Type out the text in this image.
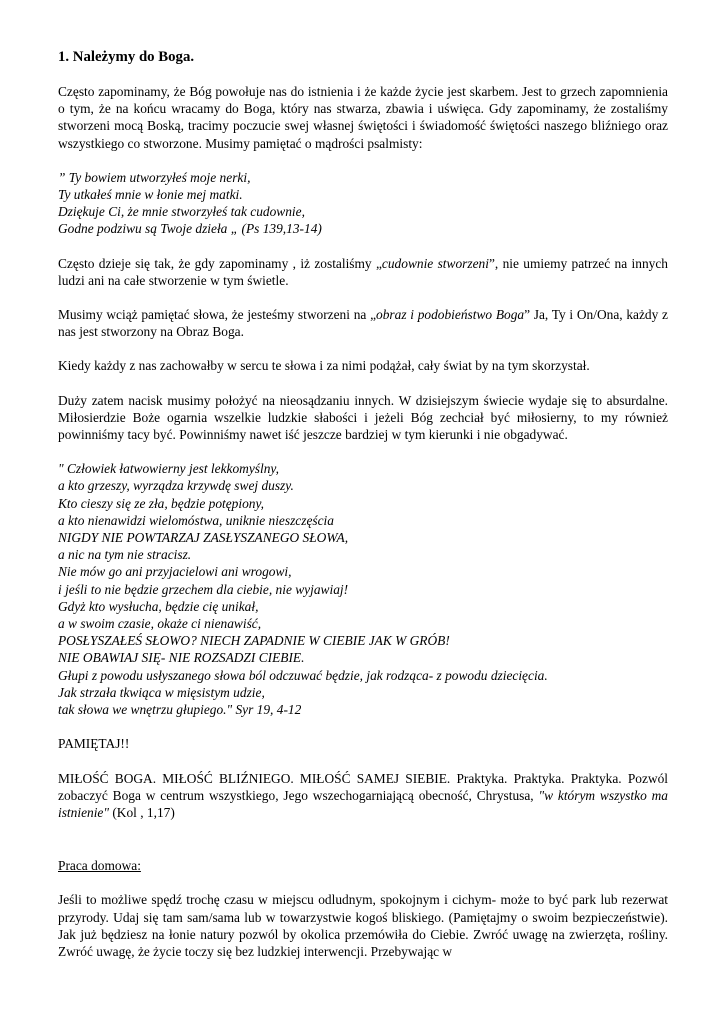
1. Należymy do Boga.

Często zapominamy, że Bóg powołuje nas do istnienia i że każde życie jest skarbem. Jest to grzech zapomnienia o tym, że na końcu wracamy do Boga, który nas stwarza, zbawia i uświęca. Gdy zapominamy, że zostaliśmy stworzeni mocą Boską, tracimy poczucie swej własnej świętości i świadomość świętości naszego bliźniego oraz wszystkiego co stworzone. Musimy pamiętać o mądrości psalmisty:

” Ty bowiem utworzyłeś moje nerki,
Ty utkałeś mnie w łonie mej matki.
Dziękuje Ci, że mnie stworzyłeś tak cudownie,
Godne podziwu są Twoje dzieła „ (Ps 139,13-14)

Często dzieje się tak, że gdy zapominamy , iż zostaliśmy „cudownie stworzeni”, nie umiemy patrzeć na innych ludzi ani na całe stworzenie w tym świetle.

Musimy wciąż pamiętać słowa, że jesteśmy stworzeni na „obraz i podobieństwo Boga” Ja, Ty i On/Ona, każdy z nas jest stworzony na Obraz Boga.

Kiedy każdy z nas zachowałby w sercu te słowa i za nimi podążał, cały świat by na tym skorzystał.

Duży zatem nacisk musimy położyć na nieosądzaniu innych. W dzisiejszym świecie wydaje się to absurdalne. Miłosierdzie Boże ogarnia wszelkie ludzkie słabości i jeżeli Bóg zechciał być miłosierny, to my również powinniśmy tacy być. Powinniśmy nawet iść jeszcze bardziej w tym kierunki i nie obgadywać.

" Człowiek łatwowierny jest lekkomyślny,
a kto grzeszy, wyrządza krzywdę swej duszy.
Kto cieszy się ze zła, będzie potępiony,
a kto nienawidzi wielomóstwa, uniknie nieszczęścia
NIGDY NIE POWTARZAJ ZASŁYSZANEGO SŁOWA,
a nic na tym nie stracisz.
Nie mów go ani przyjacielowi ani wrogowi,
i jeśli to nie będzie grzechem dla ciebie, nie wyjawiaj!
Gdyż kto wysłucha, będzie cię unikał,
a w swoim czasie, okaże ci nienawiść,
POSŁYSZAŁEŚ SŁOWO? NIECH ZAPADNIE W CIEBIE JAK W GRÓB!
NIE OBAWIAJ SIĘ- NIE ROZSADZI CIEBIE.
Głupi z powodu usłyszanego słowa ból odczuwać będzie, jak rodząca- z powodu dziecięcia.
Jak strzała tkwiąca w mięsistym udzie,
tak słowa we wnętrzu głupiego." Syr 19, 4-12

PAMIĘTAJ!!

MIŁOŚĆ BOGA. MIŁOŚĆ BLIŹNIEGO. MIŁOŚĆ SAMEJ SIEBIE. Praktyka. Praktyka. Praktyka. Pozwól zobaczyć Boga w centrum wszystkiego, Jego wszechogarniającą obecność, Chrystusa, "w którym wszystko ma istnienie" (Kol , 1,17)

Praca domowa:

Jeśli to możliwe spędź trochę czasu w miejscu odludnym, spokojnym i cichym- może to być park lub rezerwat przyrody. Udaj się tam sam/sama lub w towarzystwie kogoś bliskiego. (Pamiętajmy o swoim bezpieczeństwie). Jak już będziesz na łonie natury pozwól by okolica przemówiła do Ciebie. Zwróć uwagę na zwierzęta, rośliny. Zwróć uwagę, że życie toczy się bez ludzkiej interwencji. Przebywając w
